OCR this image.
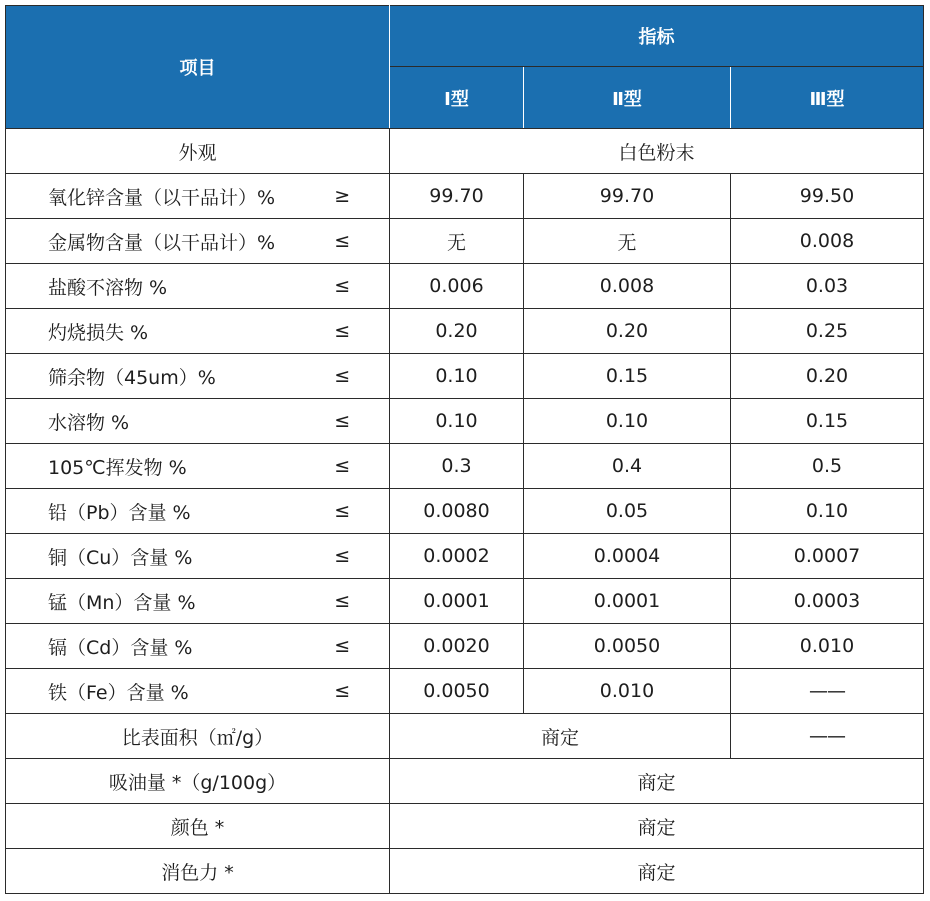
项目		指标		
		Ⅰ型	Ⅱ型	Ⅲ型
外观		白色粉末		
氧化锌含量（以干品计）%	≥	99.70	99.70	99.50
金属物含量（以干品计）%	≤	无	无	0.008
盐酸不溶物 %	≤	0.006	0.008	0.03
灼烧损失 %	≤	0.20	0.20	0.25
筛余物（45um）%	≤	0.10	0.15	0.20
水溶物 %	≤	0.10	0.10	0.15
105℃挥发物 %	≤	0.3	0.4	0.5
铅（Pb）含量 %	≤	0.0080	0.05	0.10
铜（Cu）含量 %	≤	0.0002	0.0004	0.0007
锰（Mn）含量 %	≤	0.0001	0.0001	0.0003
镉（Cd）含量 %	≤	0.0020	0.0050	0.010
铁（Fe）含量 %	≤	0.0050	0.010	——
比表面积（㎡/g）		商定		——
吸油量 *（g/100g）		商定		
颜色 *		商定		
消色力 *		商定		
